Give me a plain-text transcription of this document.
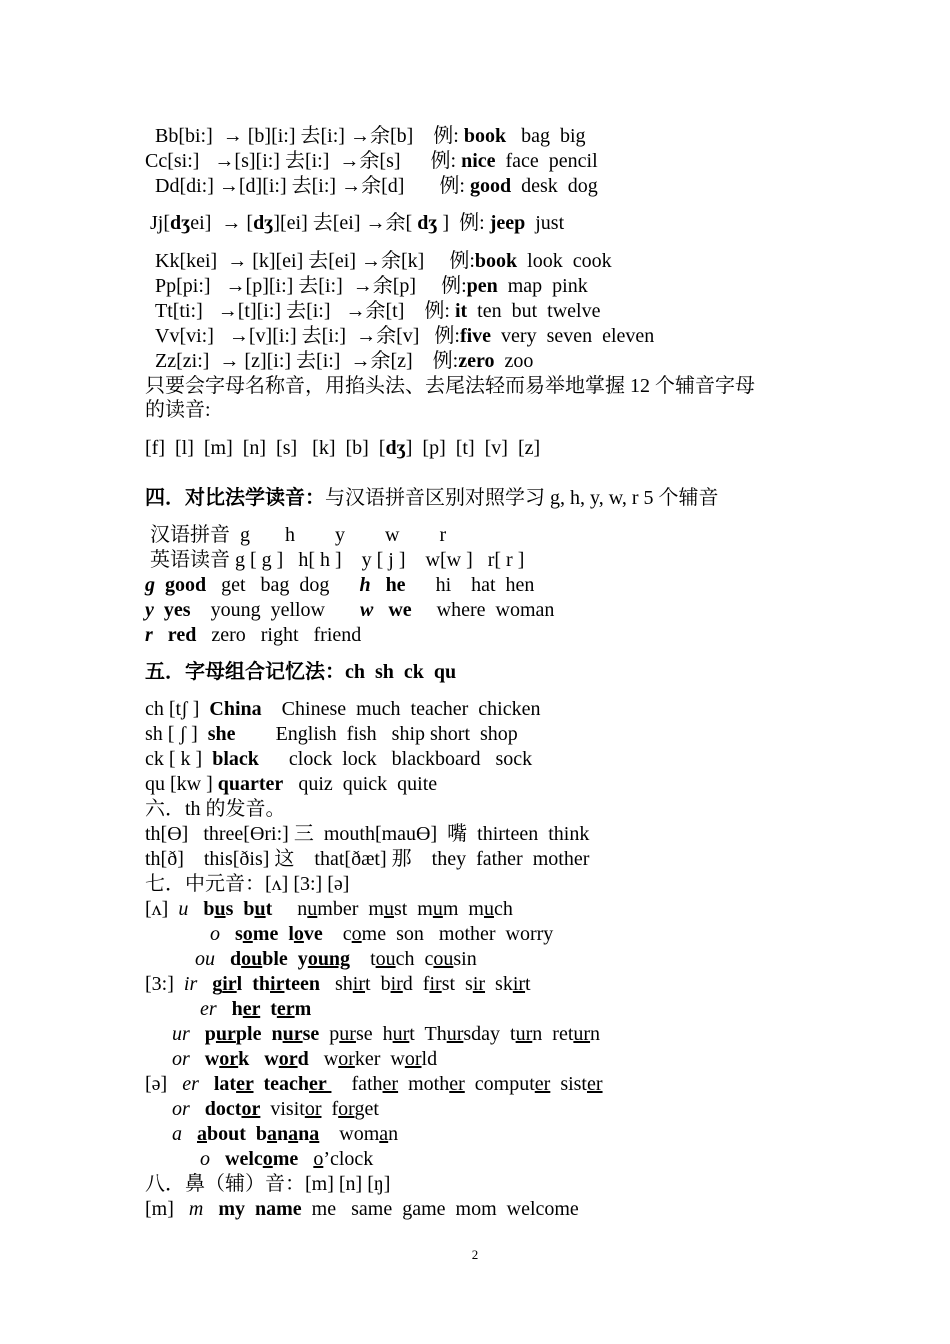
Bb[bi:]  → [b][i:] 去[i:] →余[b]    例: book   bag  big
Cc[si:]   →[s][i:] 去[i:]  →余[s]      例: nice  face  pencil
Dd[di:] →[d][i:] 去[i:] →余[d]       例: good  desk  dog
Jj[dʒei]  → [dʒ][ei] 去[ei] →余[ dʒ ]  例: jeep  just
Kk[kei]  → [k][ei] 去[ei] →余[k]     例:book  look  cook
Pp[pi:]   →[p][i:] 去[i:]  →余[p]     例:pen  map  pink
Tt[ti:]   →[t][i:] 去[i:]   →余[t]    例: it  ten  but  twelve
Vv[vi:]   →[v][i:] 去[i:]  →余[v]   例:five  very  seven  eleven
Zz[zi:]  → [z][i:] 去[i:]  →余[z]    例:zero  zoo
只要会字母名称音，用掐头法、去尾法轻而易举地掌握 12 个辅音字母
的读音:
[f]  [l]  [m]  [n]  [s]   [k]  [b]  [dʒ]  [p]  [t]  [v]  [z]
四．对比法学读音：与汉语拼音区别对照学习 g, h, y, w, r 5 个辅音
汉语拼音  g       h        y        w        r
英语读音 g [ g ]   h[ h ]    y [ j ]    w[w ]   r[ r ]
g good   get   bag  dog      h he      hi    hat  hen
y yes    young  yellow       w we     where  woman
r red   zero   right   friend
五．字母组合记忆法：ch  sh  ck  qu
ch [tʃ ]  China    Chinese  much  teacher  chicken
sh [ ʃ ]  she        English  fish   ship short  shop
ck [ k ]  black      clock  lock   blackboard   sock
qu [kw ] quarter   quiz  quick  quite
六．th 的发音。
th[Ɵ]   three[Ɵri:] 三  mouth[mauƟ]  嘴  thirteen  think
th[ð]    this[ðis] 这    that[ðæt] 那    they  father  mother
七．中元音：[ʌ] [3:] [ə]
[ʌ]  u bus but     number  must  mum  much
o some  love    come  son   mother  worry
ou double  young    touch  cousin
[3:]  ir girl  thirteen   shirt  bird  first  sir  skirt
er her  term
ur purple  nurse  purse  hurt  Thursday  turn  return
or work   word   worker  world
[ə]   er later  teacher     father  mother  computer  sister
or doctor  visitor  forget
a about  banana    woman
o welcome o’clock
八．鼻（辅）音：[m] [n] [ŋ]
[m]   m my  name  me   same  game  mom  welcome
2
